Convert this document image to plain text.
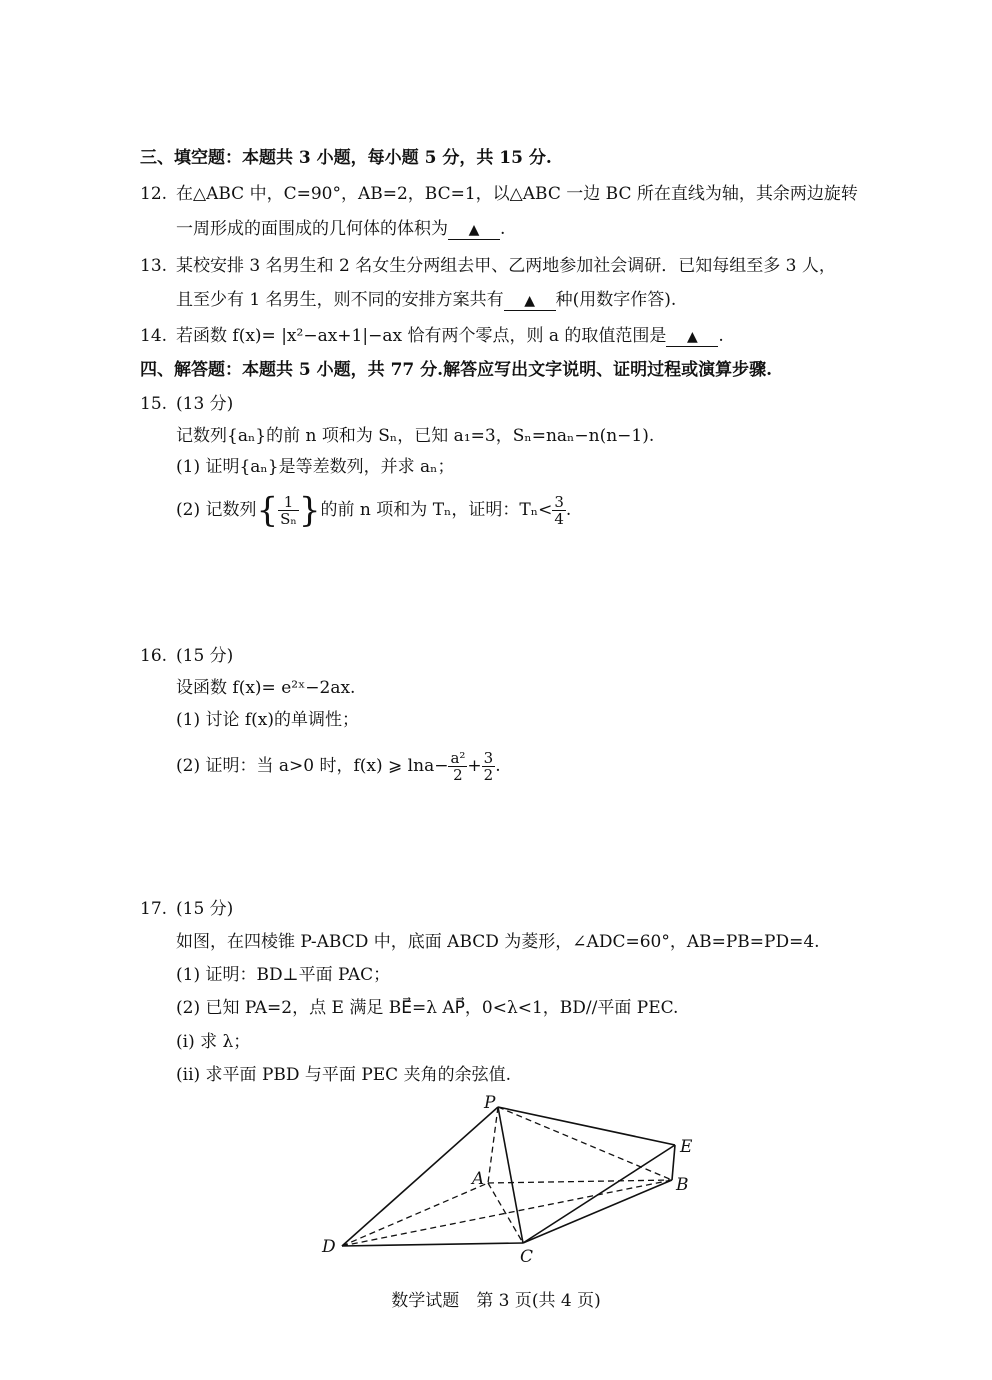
三、填空题：本题共 3 小题，每小题 5 分，共 15 分.
12. 在△ABC 中，C=90°，AB=2，BC=1，以△ABC 一边 BC 所在直线为轴，其余两边旋转
一周形成的面围成的几何体的体积为 ▲ .
13. 某校安排 3 名男生和 2 名女生分两组去甲、乙两地参加社会调研．已知每组至多 3 人，
且至少有 1 名男生，则不同的安排方案共有 ▲ 种(用数字作答).
14. 若函数 f(x)= |x²−ax+1|−ax 恰有两个零点，则 a 的取值范围是 ▲ .
四、解答题：本题共 5 小题，共 77 分.解答应写出文字说明、证明过程或演算步骤.
15. (13 分)
记数列{aₙ}的前 n 项和为 Sₙ，已知 a₁=3，Sₙ=naₙ−n(n−1).
(1) 证明{aₙ}是等差数列，并求 aₙ；
(2) 记数列{ $\frac{1}{\text{Sₙ}}$ }的前 n 项和为 Tₙ，证明：$T_n< \frac{3}{4}$ .
16. (15 分)
设函数 f(x)= e²ˣ−2ax.
(1) 讨论 f(x)的单调性；
(2) 证明：当 a>0 时，f(x) ⩾ $\ln a- \frac{\text{a²}}{2} + \frac{3}{2}$ .
17. (15 分)
如图，在四棱锥 P-ABCD 中，底面 ABCD 为菱形，∠ADC=60°，AB=PB=PD=4.
(1) 证明：BD⊥平面 PAC；
(2) 已知 PA=2，点 E 满足 BE⃗=λ AP⃗，0<λ<1，BD//平面 PEC.
(i) 求 λ；
(ii) 求平面 PBD 与平面 PEC 夹角的余弦值.
P
E
A	B
D	C
数学试题　第 3 页(共 4 页)
